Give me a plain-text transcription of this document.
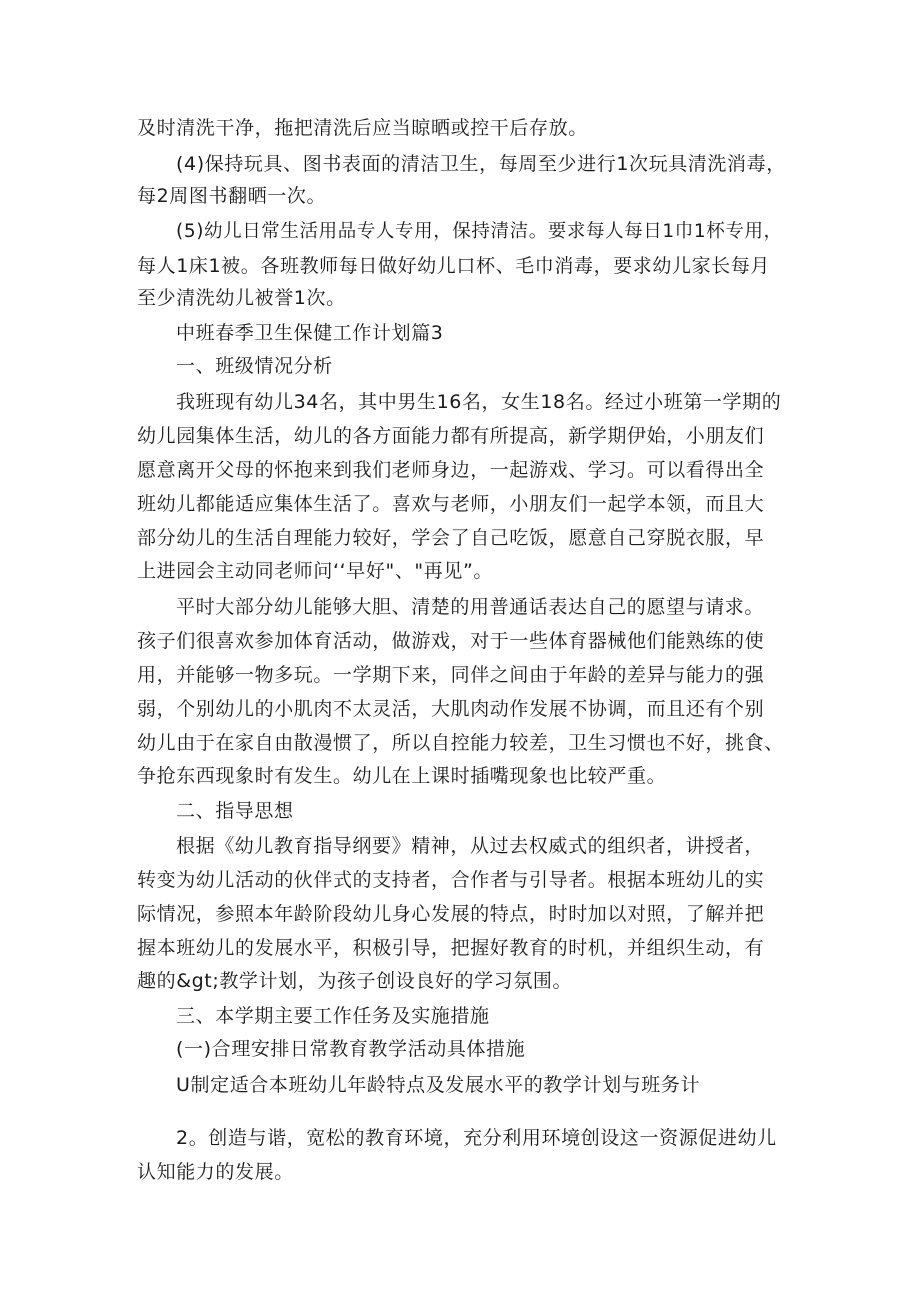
及时清洗干净，拖把清洗后应当晾晒或控干后存放。
(4)保持玩具、图书表面的清洁卫生，每周至少进行1次玩具清洗消毒，
每2周图书翻晒一次。
(5)幼儿日常生活用品专人专用，保持清洁。要求每人每日1巾1杯专用，
每人1床1被。各班教师每日做好幼儿口杯、毛巾消毒，要求幼儿家长每月
至少清洗幼儿被誉1次。
中班春季卫生保健工作计划篇3
一、班级情况分析
我班现有幼儿34名，其中男生16名，女生18名。经过小班第一学期的
幼儿园集体生活，幼儿的各方面能力都有所提高，新学期伊始，小朋友们
愿意离开父母的怀抱来到我们老师身边，一起游戏、学习。可以看得出全
班幼儿都能适应集体生活了。喜欢与老师，小朋友们一起学本领，而且大
部分幼儿的生活自理能力较好，学会了自己吃饭，愿意自己穿脱衣服，早
上进园会主动同老师问‘‘早好"、"再见”。
平时大部分幼儿能够大胆、清楚的用普通话表达自己的愿望与请求。
孩子们很喜欢参加体育活动，做游戏，对于一些体育器械他们能熟练的使
用，并能够一物多玩。一学期下来，同伴之间由于年龄的差异与能力的强
弱，个别幼儿的小肌肉不太灵活，大肌肉动作发展不协调，而且还有个别
幼儿由于在家自由散漫惯了，所以自控能力较差，卫生习惯也不好，挑食、
争抢东西现象时有发生。幼儿在上课时插嘴现象也比较严重。
二、指导思想
根据《幼儿教育指导纲要》精神，从过去权威式的组织者，讲授者，
转变为幼儿活动的伙伴式的支持者，合作者与引导者。根据本班幼儿的实
际情况，参照本年龄阶段幼儿身心发展的特点，时时加以对照，了解并把
握本班幼儿的发展水平，积极引导，把握好教育的时机，并组织生动，有
趣的&gt;教学计划，为孩子创设良好的学习氛围。
三、本学期主要工作任务及实施措施
(一)合理安排日常教育教学活动具体措施
U制定适合本班幼儿年龄特点及发展水平的教学计划与班务计
2。创造与谐，宽松的教育环境，充分利用环境创设这一资源促进幼儿
认知能力的发展。
